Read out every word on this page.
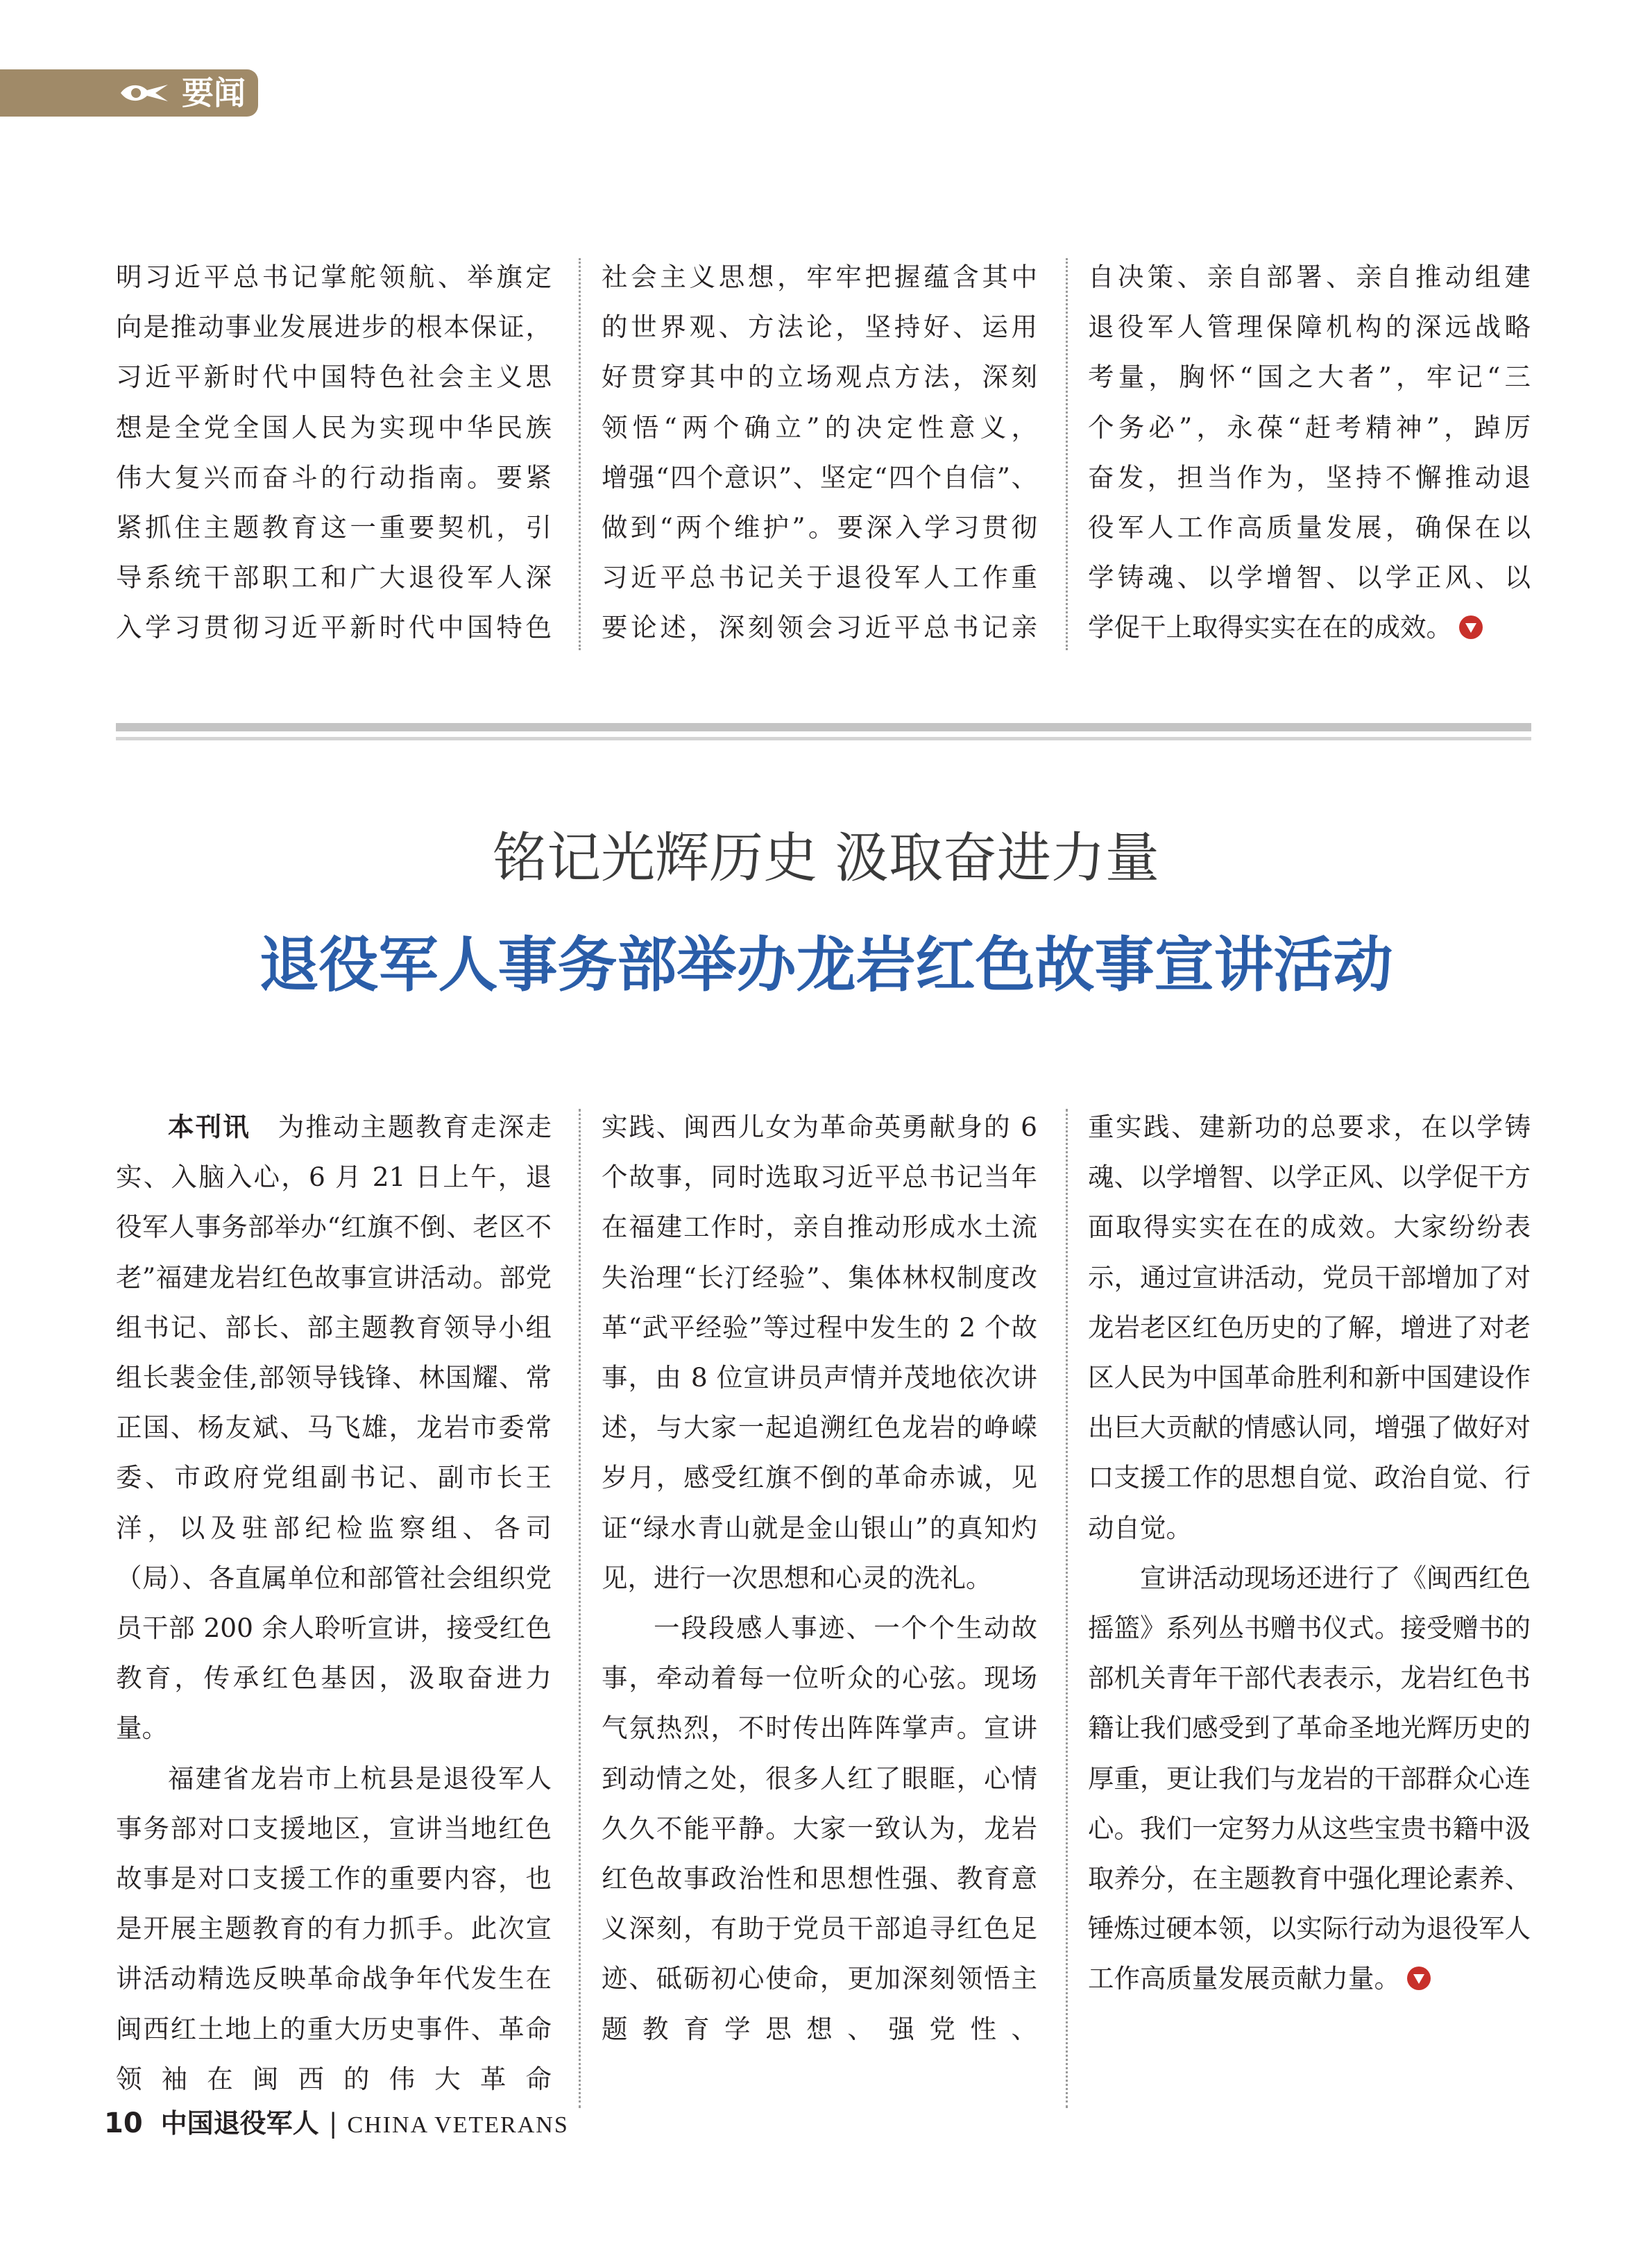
要闻
明习近平总书记掌舵领航、举旗定
向是推动事业发展进步的根本保证，
习近平新时代中国特色社会主义思
想是全党全国人民为实现中华民族
伟大复兴而奋斗的行动指南。要紧
紧抓住主题教育这一重要契机，引
导系统干部职工和广大退役军人深
入学习贯彻习近平新时代中国特色
社会主义思想，牢牢把握蕴含其中
的世界观、方法论，坚持好、运用
好贯穿其中的立场观点方法，深刻
领悟“两个确立”的决定性意义，
增强“四个意识”、坚定“四个自信”、
做到“两个维护”。要深入学习贯彻
习近平总书记关于退役军人工作重
要论述，深刻领会习近平总书记亲
自决策、亲自部署、亲自推动组建
退役军人管理保障机构的深远战略
考量，胸怀“国之大者”，牢记“三
个务必”，永葆“赶考精神”，踔厉
奋发，担当作为，坚持不懈推动退
役军人工作高质量发展，确保在以
学铸魂、以学增智、以学正风、以
学促干上取得实实在在的成效。
铭记光辉历史 汲取奋进力量
退役军人事务部举办龙岩红色故事宣讲活动

本刊讯　 为推动主题教育走深走实、入脑入心，6 月 21 日上午，退役军人事务部举办“红旗不倒、老区不老”福建龙岩红色故事宣讲活动。部党组书记、部长、部主题教育领导小组组长裴金佳,部领导钱锋、林国耀、常正国、杨友斌、马飞雄，龙岩市委常委、市政府党组副书记、副市长王洋，以及驻部纪检监察组、各司（局）、各直属单位和部管社会组织党员干部 200 余人聆听宣讲，接受红色教育，传承红色基因，汲取奋进力量。

福建省龙岩市上杭县是退役军人事务部对口支援地区，宣讲当地红色故事是对口支援工作的重要内容，也是开展主题教育的有力抓手。此次宣讲活动精选反映革命战争年代发生在闽西红土地上的重大历史事件、革命领袖在闽西的伟大革命

实践、闽西儿女为革命英勇献身的 6 个故事，同时选取习近平总书记当年在福建工作时，亲自推动形成水土流失治理“长汀经验”、集体林权制度改革“武平经验”等过程中发生的 2 个故事，由 8 位宣讲员声情并茂地依次讲述，与大家一起追溯红色龙岩的峥嵘岁月，感受红旗不倒的革命赤诚，见证“绿水青山就是金山银山”的真知灼见，进行一次思想和心灵的洗礼。

一段段感人事迹、一个个生动故事，牵动着每一位听众的心弦。现场气氛热烈，不时传出阵阵掌声。宣讲到动情之处，很多人红了眼眶，心情久久不能平静。大家一致认为，龙岩红色故事政治性和思想性强、教育意义深刻，有助于党员干部追寻红色足迹、砥砺初心使命，更加深刻领悟主题教育学思想、强党性、

重实践、建新功的总要求，在以学铸魂、以学增智、以学正风、以学促干方面取得实实在在的成效。大家纷纷表示，通过宣讲活动，党员干部增加了对龙岩老区红色历史的了解，增进了对老区人民为中国革命胜利和新中国建设作出巨大贡献的情感认同，增强了做好对口支援工作的思想自觉、政治自觉、行动自觉。

宣讲活动现场还进行了《闽西红色摇篮》系列丛书赠书仪式。接受赠书的部机关青年干部代表表示，龙岩红色书籍让我们感受到了革命圣地光辉历史的厚重，更让我们与龙岩的干部群众心连心。我们一定努力从这些宝贵书籍中汲取养分，在主题教育中强化理论素养、锤炼过硬本领，以实际行动为退役军人工作高质量发展贡献力量。

10 中国退役军人 | CHINA VETERANS
